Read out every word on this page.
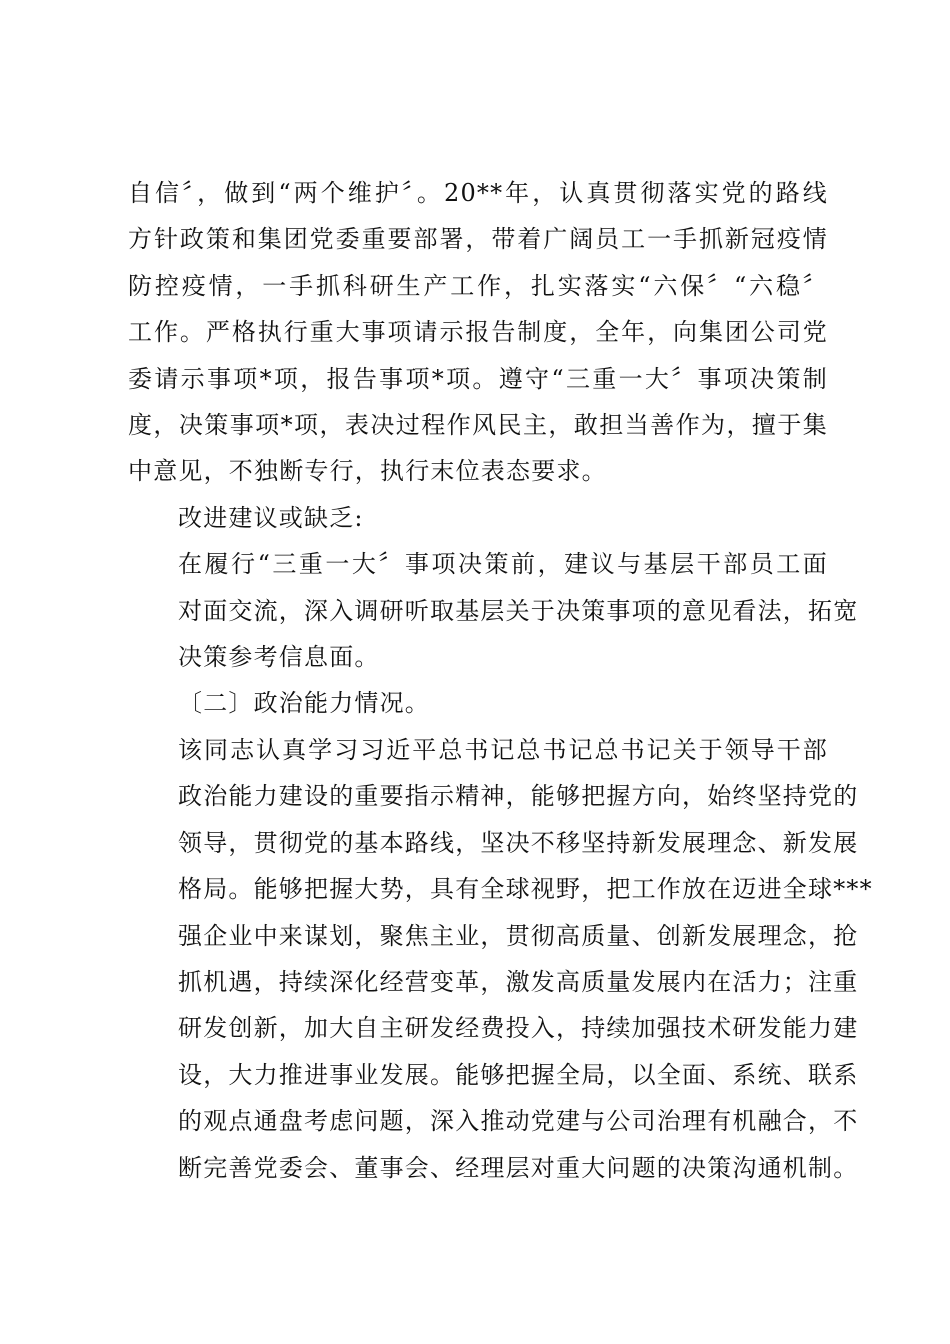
自信〞，做到“两个维护〞。20**年，认真贯彻落实党的路线
方针政策和集团党委重要部署，带着广阔员工一手抓新冠疫情
防控疫情，一手抓科研生产工作，扎实落实“六保〞“六稳〞
工作。严格执行重大事项请示报告制度，全年，向集团公司党
委请示事项*项，报告事项*项。遵守“三重一大〞事项决策制
度，决策事项*项，表决过程作风民主，敢担当善作为，擅于集
中意见，不独断专行，执行末位表态要求。
改进建议或缺乏:
在履行“三重一大〞事项决策前，建议与基层干部员工面
对面交流，深入调研听取基层关于决策事项的意见看法，拓宽
决策参考信息面。
〔二〕政治能力情况。
该同志认真学习习近平总书记总书记总书记关于领导干部
政治能力建设的重要指示精神，能够把握方向，始终坚持党的
领导，贯彻党的基本路线，坚决不移坚持新发展理念、新发展
格局。能够把握大势，具有全球视野，把工作放在迈进全球***
强企业中来谋划，聚焦主业，贯彻高质量、创新发展理念，抢
抓机遇，持续深化经营变革，激发高质量发展内在活力；注重
研发创新，加大自主研发经费投入，持续加强技术研发能力建
设，大力推进事业发展。能够把握全局，以全面、系统、联系
的观点通盘考虑问题，深入推动党建与公司治理有机融合，不
断完善党委会、董事会、经理层对重大问题的决策沟通机制。
